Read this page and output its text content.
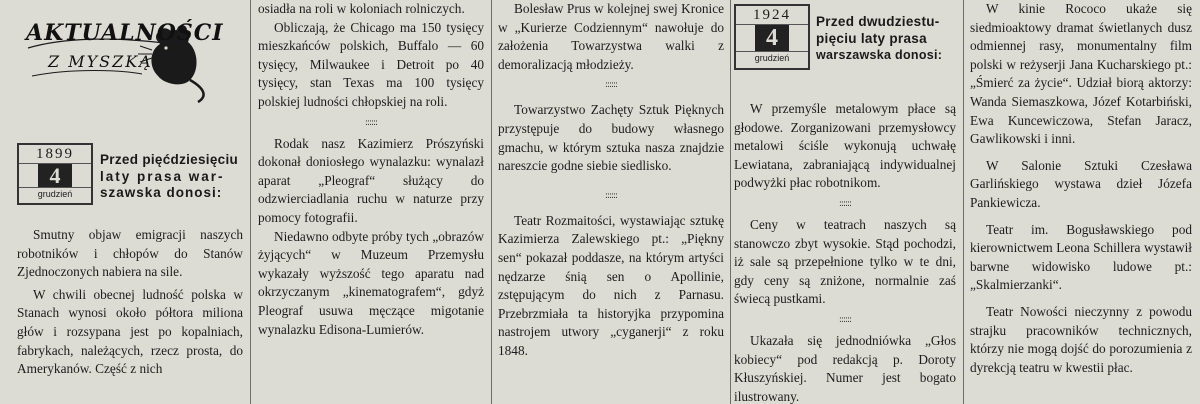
AKTUALNOŚCI
Z MYSZKĄ
1899
4
grudzień
Przed pięćdziesięciu
laty prasa war-
szawska donosi:

Smutny objaw emigracji naszych robotników i chłopów do Stanów Zjednoczonych nabiera na sile.

W chwili obecnej ludność polska w Stanach wynosi około półtora miliona głów i rozsypana jest po kopalniach, fabrykach, należących, rzecz prosta, do Amerykanów. Część z nich

osiadła na roli w koloniach rolniczych.

Obliczają, że Chicago ma 150 tysięcy mieszkańców polskich, Buffalo — 60 tysięcy, Milwaukee i Detroit po 40 tysięcy, stan Texas ma 100 tysięcy polskiej ludności chłopskiej na roli.

::::::

Rodak nasz Kazimierz Prószyński dokonał doniosłego wynalazku: wynalazł aparat „Pleograf“ służący do odzwierciadlania ruchu w naturze przy pomocy fotografii.

Niedawno odbyte próby tych „obrazów żyjących“ w Muzeum Przemysłu wykazały wyższość tego aparatu nad okrzyczanym „kinematografem“, gdyż Pleograf usuwa męczące migotanie wynalazku Edisona-Lumierów.

Bolesław Prus w kolejnej swej Kronice w „Kurierze Codziennym“ nawołuje do założenia Towarzystwa walki z demoralizacją młodzieży.

::::::

Towarzystwo Zachęty Sztuk Pięknych przystępuje do budowy własnego gmachu, w którym sztuka nasza znajdzie nareszcie godne siebie siedlisko.

::::::

Teatr Rozmaitości, wystawiając sztukę Kazimierza Zalewskiego pt.: „Piękny sen“ pokazał poddasze, na którym artyści nędzarze śnią sen o Apollinie, zstępującym do nich z Parnasu. Przebrzmiała ta historyjka przypomina nastrojem utwory „cyganerji“ z roku 1848.

1924
4
grudzień
Przed dwudziestu-
pięciu laty prasa
warszawska donosi:

W przemyśle metalowym płace są głodowe. Zorganizowani przemysłowcy metalowi ściśle wykonują uchwałę Lewiatana, zabraniającą indywidualnej podwyżki płac robotnikom.

::::::

Ceny w teatrach naszych są stanowczo zbyt wysokie. Stąd pochodzi, iż sale są przepełnione tylko w te dni, gdy ceny są zniżone, normalnie zaś świecą pustkami.

::::::

Ukazała się jednodniówka „Głos kobiecy“ pod redakcją p. Doroty Kłuszyńskiej. Numer jest bogato ilustrowany.

W kinie Rococo ukaże się siedmioaktowy dramat świetlanych dusz odmiennej rasy, monumentalny film polski w reżyserji Jana Kucharskiego pt.: „Śmierć za życie“. Udział biorą aktorzy: Wanda Siemaszkowa, Józef Kotarbiński, Ewa Kuncewiczowa, Stefan Jaracz, Gawlikowski i inni.

W Salonie Sztuki Czesława Garlińskiego wystawa dzieł Józefa Pankiewicza.

Teatr im. Bogusławskiego pod kierownictwem Leona Schillera wystawił barwne widowisko ludowe pt.: „Skalmierzanki“.

Teatr Nowości nieczynny z powodu strajku pracowników technicznych, którzy nie mogą dojść do porozumienia z dyrekcją teatru w kwestii płac.
